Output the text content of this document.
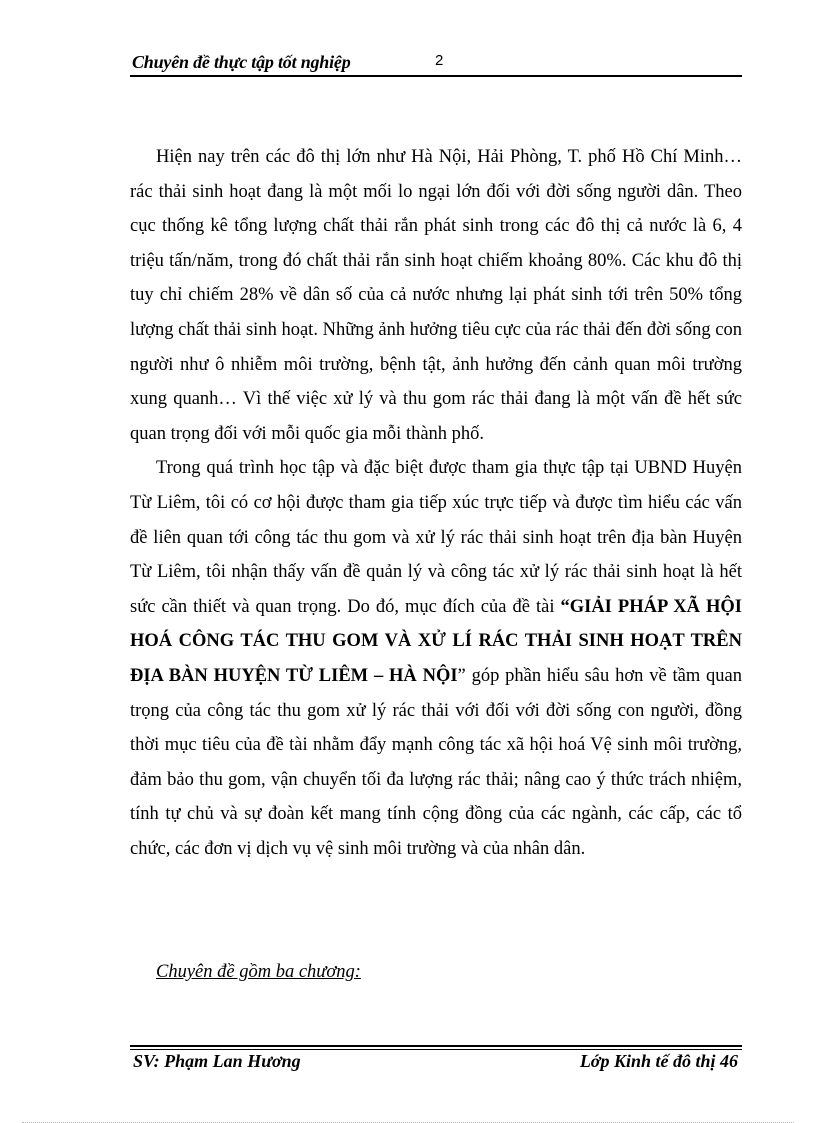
Chuyên đề thực tập tốt nghiệp	2

Hiện nay trên các đô thị lớn như Hà Nội, Hải Phòng, T. phố Hồ Chí Minh… rác thải sinh hoạt đang là một mối lo ngại lớn đối với đời sống người dân. Theo cục thống kê tổng lượng chất thải rắn phát sinh trong các đô thị cả nước là 6, 4 triệu tấn/năm, trong đó chất thải rắn sinh hoạt chiếm khoảng 80%. Các khu đô thị tuy chỉ chiếm 28% về dân số của cả nước nhưng lại phát sinh tới trên 50% tổng lượng chất thải sinh hoạt. Những ảnh hưởng tiêu cực của rác thải đến đời sống con người như ô nhiễm môi trường, bệnh tật, ảnh hưởng đến cảnh quan môi trường xung quanh… Vì thế việc xử lý và thu gom rác thải đang là một vấn đề hết sức quan trọng đối với mỗi quốc gia mỗi thành phố.

Trong quá trình học tập và đặc biệt được tham gia thực tập tại UBND Huyện Từ Liêm, tôi có cơ hội được tham gia tiếp xúc trực tiếp và được tìm hiểu các vấn đề liên quan tới công tác thu gom và xử lý rác thải sinh hoạt trên địa bàn Huyện Từ Liêm, tôi nhận thấy vấn đề quản lý và công tác xử lý rác thải sinh hoạt là hết sức cần thiết và quan trọng. Do đó, mục đích của đề tài “GIẢI PHÁP XÃ HỘI HOÁ CÔNG TÁC THU GOM VÀ XỬ LÍ RÁC THẢI SINH HOẠT TRÊN ĐỊA BÀN HUYỆN TỪ LIÊM – HÀ NỘI” góp phần hiểu sâu hơn về tầm quan trọng của công tác thu gom xử lý rác thải với đối với đời sống con người, đồng thời mục tiêu của đề tài nhằm đẩy mạnh công tác xã hội hoá Vệ sinh môi trường, đảm bảo thu gom, vận chuyển tối đa lượng rác thải; nâng cao ý thức trách nhiệm, tính tự chủ và sự đoàn kết mang tính cộng đồng của các ngành, các cấp, các tổ chức, các đơn vị dịch vụ vệ sinh môi trường và của nhân dân.

Chuyên đề gồm ba chương:
SV: Phạm Lan Hương	Lớp Kinh tế đô thị 46
